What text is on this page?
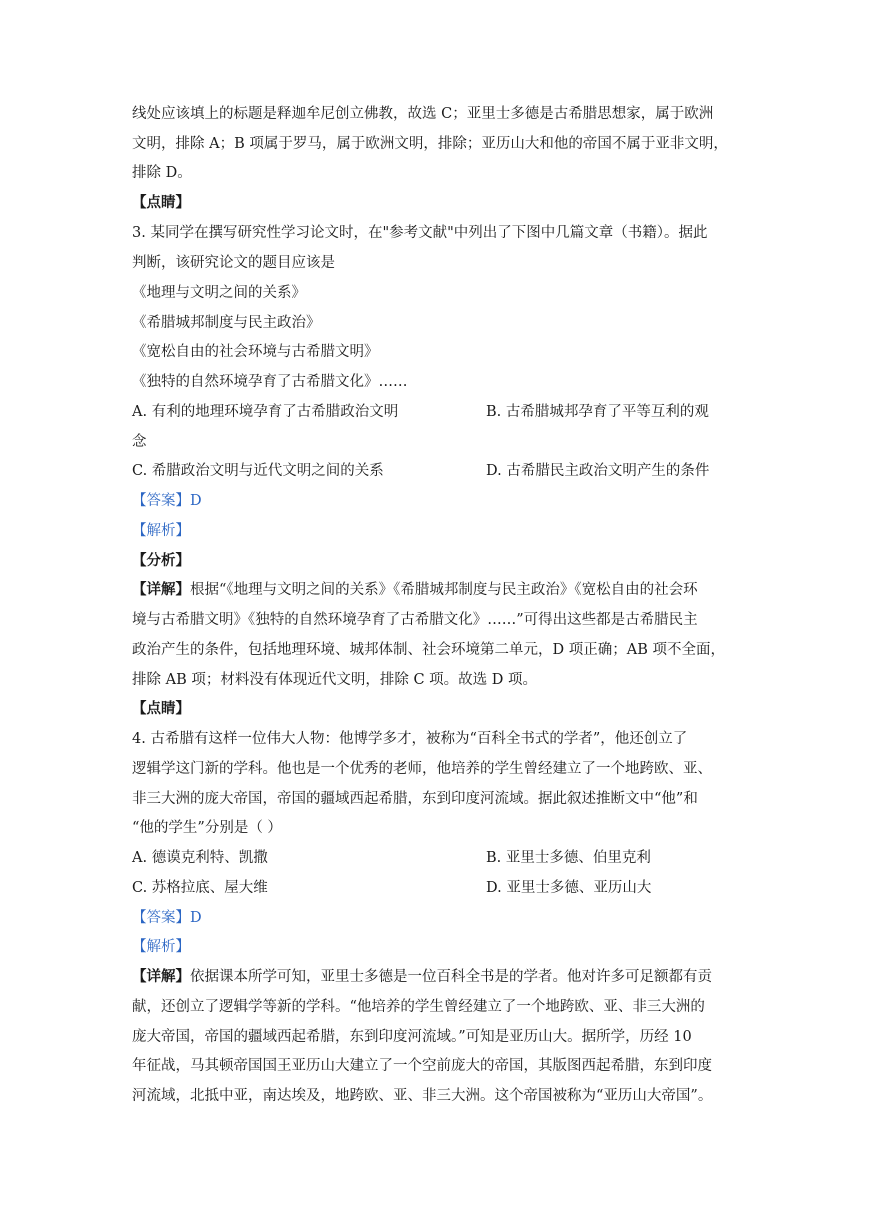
线处应该填上的标题是释迦牟尼创立佛教，故选 C；亚里士多德是古希腊思想家，属于欧洲
文明，排除 A；B 项属于罗马，属于欧洲文明，排除；亚历山大和他的帝国不属于亚非文明，
排除 D。
【点睛】
3. 某同学在撰写研究性学习论文时，在"参考文献"中列出了下图中几篇文章（书籍）。据此
判断，该研究论文的题目应该是
《地理与文明之间的关系》
《希腊城邦制度与民主政治》
《宽松自由的社会环境与古希腊文明》
《独特的自然环境孕育了古希腊文化》……
A. 有利的地理环境孕育了古希腊政治文明	B. 古希腊城邦孕育了平等互利的观
念
C. 希腊政治文明与近代文明之间的关系	D. 古希腊民主政治文明产生的条件
【答案】D
【解析】
【分析】
【详解】根据“《地理与文明之间的关系》《希腊城邦制度与民主政治》《宽松自由的社会环
境与古希腊文明》《独特的自然环境孕育了古希腊文化》……”可得出这些都是古希腊民主
政治产生的条件，包括地理环境、城邦体制、社会环境第二单元，D 项正确；AB 项不全面，
排除 AB 项；材料没有体现近代文明，排除 C 项。故选 D 项。
【点睛】
4. 古希腊有这样一位伟大人物：他博学多才，被称为“百科全书式的学者”，他还创立了
逻辑学这门新的学科。他也是一个优秀的老师，他培养的学生曾经建立了一个地跨欧、亚、
非三大洲的庞大帝国，帝国的疆域西起希腊，东到印度河流域。据此叙述推断文中“他”和
“他的学生”分别是（ ）
A. 德谟克利特、凯撒	B. 亚里士多德、伯里克利
C. 苏格拉底、屋大维	D. 亚里士多德、亚历山大
【答案】D
【解析】
【详解】依据课本所学可知，亚里士多德是一位百科全书是的学者。他对许多可足额都有贡
献，还创立了逻辑学等新的学科。“他培养的学生曾经建立了一个地跨欧、亚、非三大洲的
庞大帝国，帝国的疆域西起希腊，东到印度河流域。”可知是亚历山大。据所学，历经 10
年征战，马其顿帝国国王亚历山大建立了一个空前庞大的帝国，其版图西起希腊，东到印度
河流域，北抵中亚，南达埃及，地跨欧、亚、非三大洲。这个帝国被称为“亚历山大帝国”。
